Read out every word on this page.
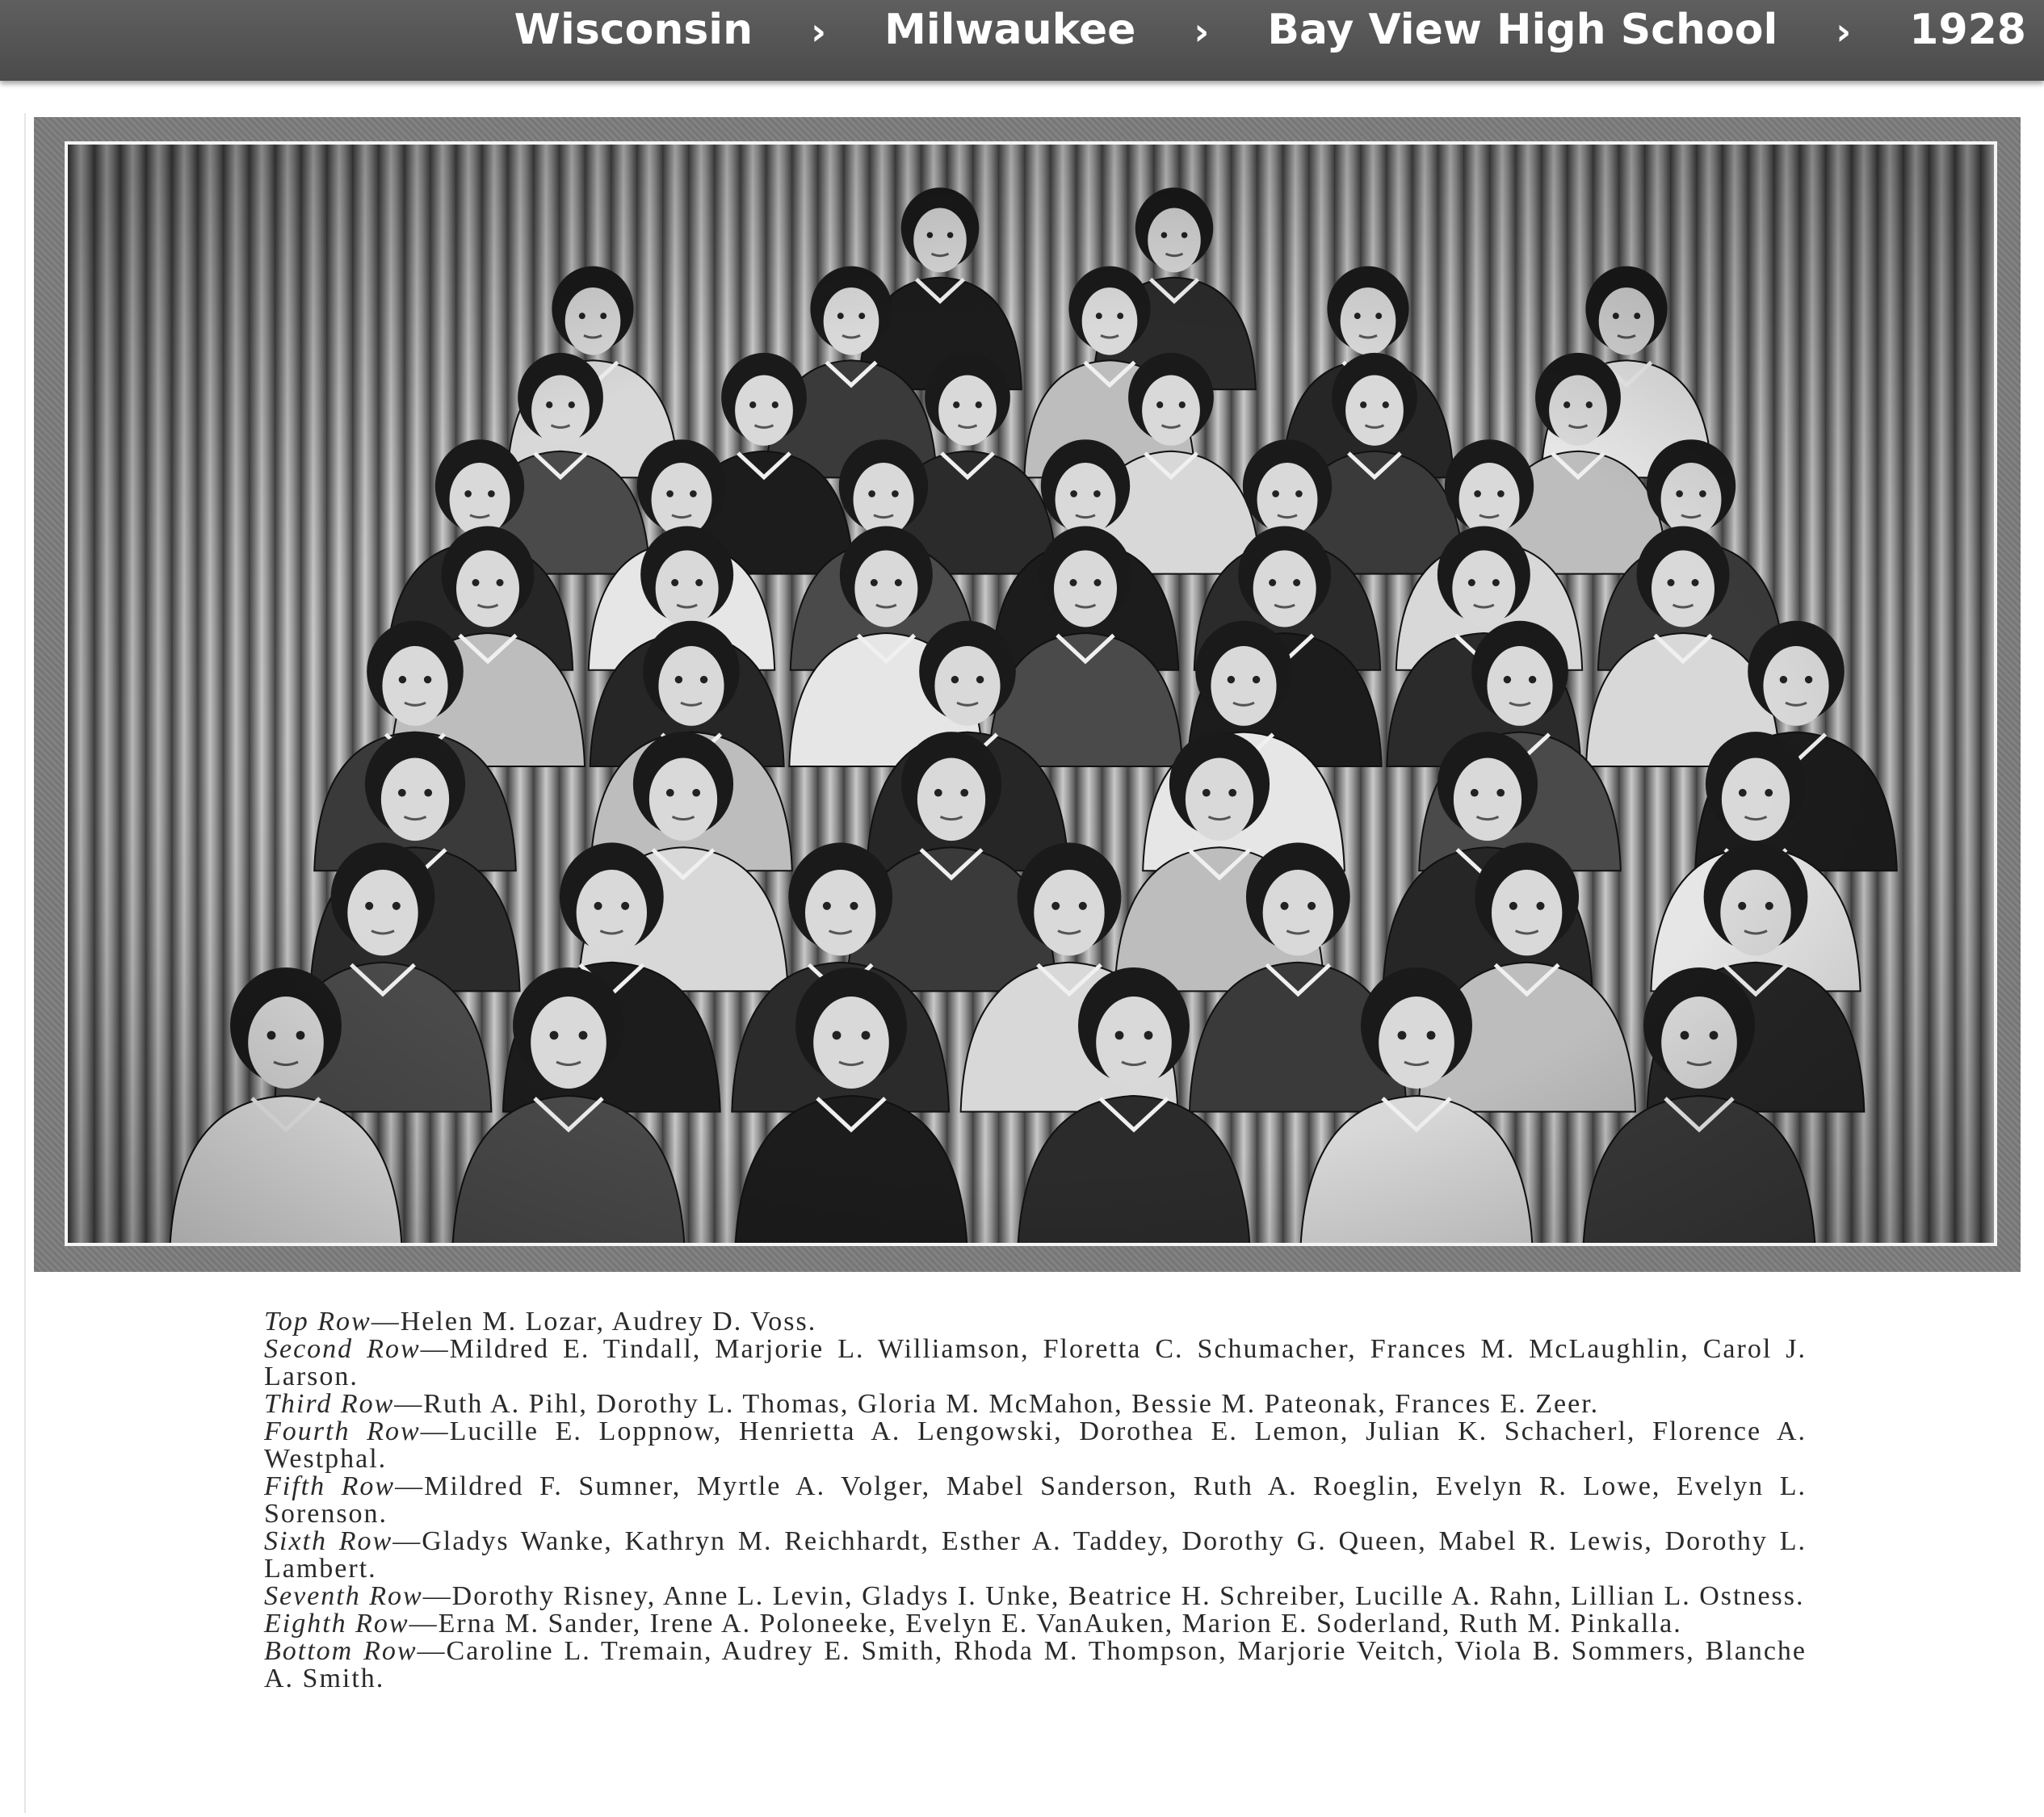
Wisconsin › Milwaukee › Bay View High School › 1928

Top Row—Helen M. Lozar, Audrey D. Voss.

Second Row—Mildred E. Tindall, Marjorie L. Williamson, Floretta C. Schumacher, Frances M. McLaughlin, Carol J. Larson.

Third Row—Ruth A. Pihl, Dorothy L. Thomas, Gloria M. McMahon, Bessie M. Pateonak, Frances E. Zeer.

Fourth Row—Lucille E. Loppnow, Henrietta A. Lengowski, Dorothea E. Lemon, Julian K. Schacherl, Florence A. Westphal.

Fifth Row—Mildred F. Sumner, Myrtle A. Volger, Mabel Sanderson, Ruth A. Roeglin, Evelyn R. Lowe, Evelyn L. Sorenson.

Sixth Row—Gladys Wanke, Kathryn M. Reichhardt, Esther A. Taddey, Dorothy G. Queen, Mabel R. Lewis, Dorothy L. Lambert.

Seventh Row—Dorothy Risney, Anne L. Levin, Gladys I. Unke, Beatrice H. Schreiber, Lucille A. Rahn, Lillian L. Ostness.

Eighth Row—Erna M. Sander, Irene A. Poloneeke, Evelyn E. VanAuken, Marion E. Soderland, Ruth M. Pinkalla.

Bottom Row—Caroline L. Tremain, Audrey E. Smith, Rhoda M. Thompson, Marjorie Veitch, Viola B. Sommers, Blanche A. Smith.
